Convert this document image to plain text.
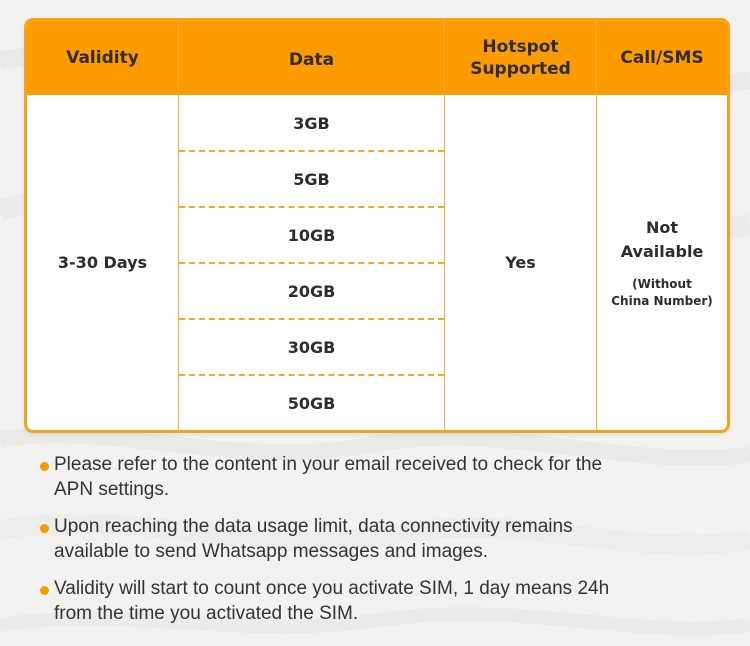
Validity	Data
Hotspot
Supported
Call/SMS
3-30 Days
3GB
5GB
10GB
20GB
30GB
50GB
Yes
Not
Available
(Without
China Number)
Please refer to the content in your email received to check for the
APN settings.
Upon reaching the data usage limit, data connectivity remains
available to send Whatsapp messages and images.
Validity will start to count once you activate SIM, 1 day means 24h
from the time you activated the SIM.
